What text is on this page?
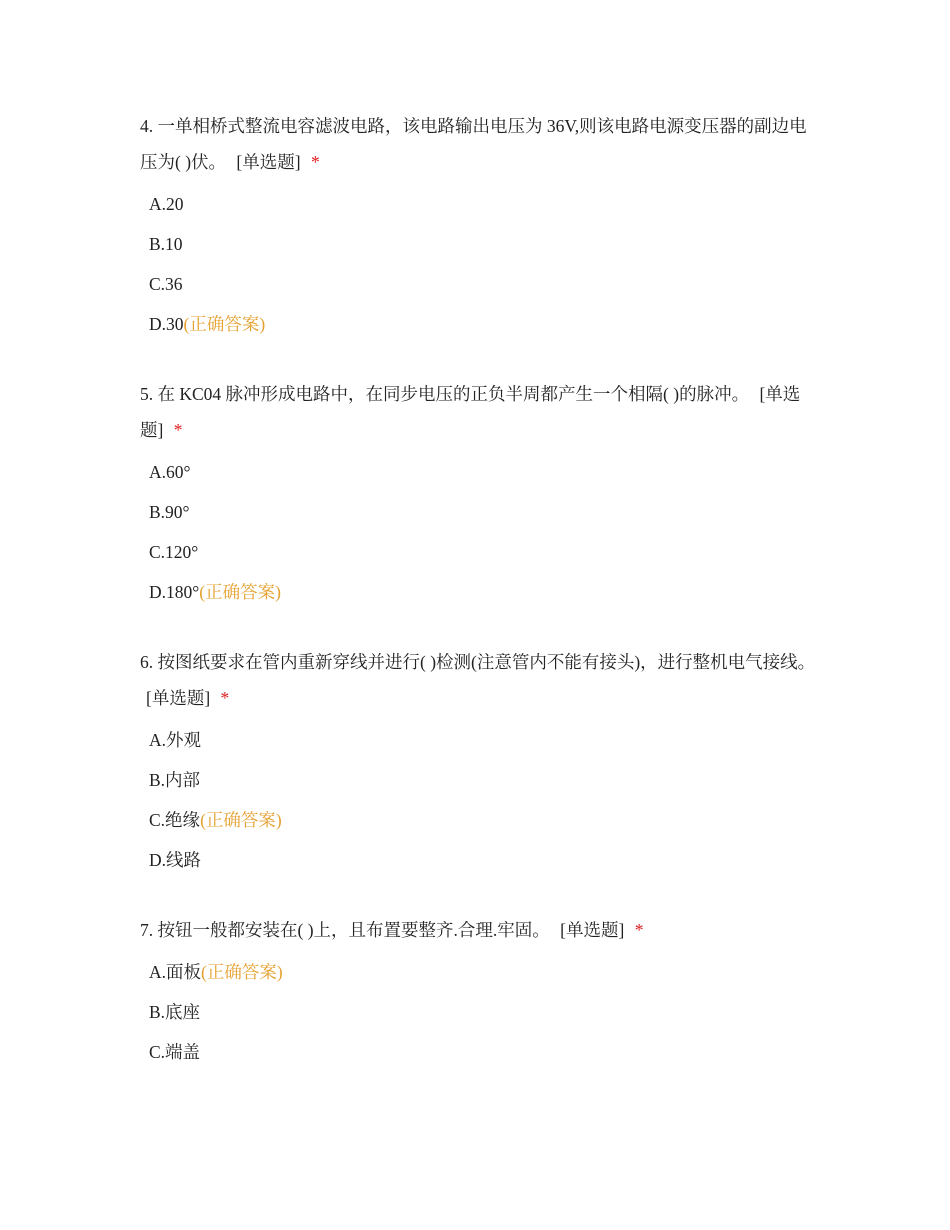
4. 一单相桥式整流电容滤波电路，该电路输出电压为 36V,则该电路电源变压器的副边电压为( )伏。 [单选题] *
A.20
B.10
C.36
D.30(正确答案)
5. 在 KC04 脉冲形成电路中，在同步电压的正负半周都产生一个相隔( )的脉冲。 [单选题] *
A.60°
B.90°
C.120°
D.180°(正确答案)
6. 按图纸要求在管内重新穿线并进行( )检测(注意管内不能有接头)，进行整机电气接线。 [单选题] *
A.外观
B.内部
C.绝缘(正确答案)
D.线路
7. 按钮一般都安装在( )上，且布置要整齐.合理.牢固。 [单选题] *
A.面板(正确答案)
B.底座
C.端盖
